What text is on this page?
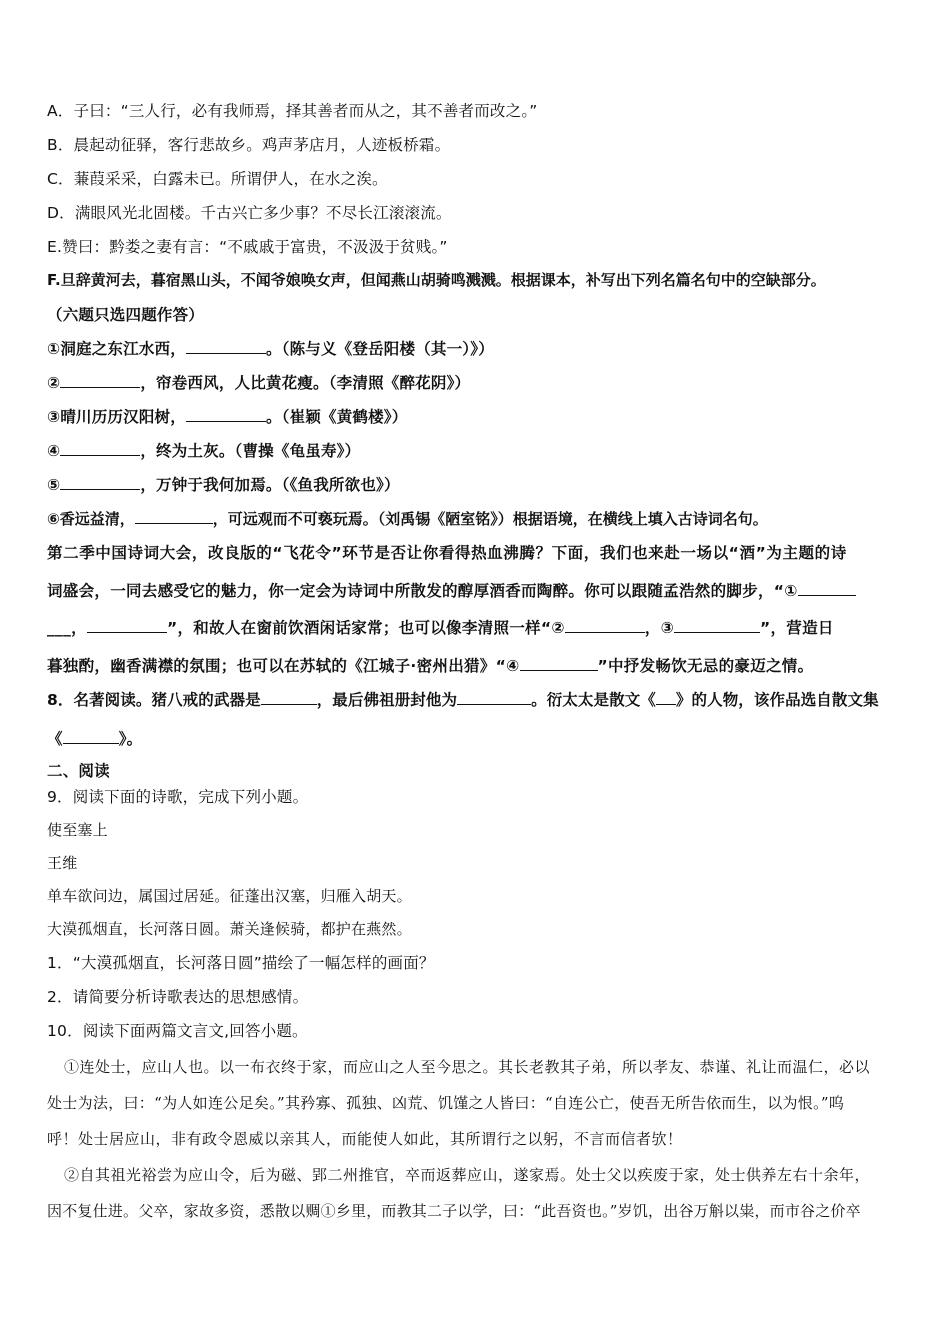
A．子曰：“三人行，必有我师焉，择其善者而从之，其不善者而改之。”
B．晨起动征驿，客行悲故乡。鸡声茅店月，人迹板桥霜。
C．蒹葭采采，白露未已。所谓伊人，在水之涘。
D．满眼风光北固楼。千古兴亡多少事？不尽长江滚滚流。
E.赞曰：黔娄之妻有言：“不戚戚于富贵，不汲汲于贫贱。”
F.旦辞黄河去，暮宿黑山头，不闻爷娘唤女声，但闻燕山胡骑鸣溅溅。根据课本，补写出下列名篇名句中的空缺部分。
（六题只选四题作答）
①洞庭之东江水西，	。（陈与义《登岳阳楼（其一）》）
②	，帘卷西风，人比黄花瘦。（李清照《醉花阴》）
③晴川历历汉阳树，	。（崔颖《黄鹤楼》）
④	，终为土灰。（曹操《龟虽寿》）
⑤	，万钟于我何加焉。（《鱼我所欲也》）
⑥香远益清，	，可远观而不可亵玩焉。（刘禹锡《陋室铭》）根据语境，在横线上填入古诗词名句。
第二季中国诗词大会，改良版的“飞花令”环节是否让你看得热血沸腾？下面，我们也来赴一场以“酒”为主题的诗
词盛会，一同去感受它的魅力，你一定会为诗词中所散发的醇厚酒香而陶醉。你可以跟随孟浩然的脚步，“①
___，	”，和故人在窗前饮酒闲话家常；也可以像李清照一样“②	，③	”，营造日
暮独酌，幽香满襟的氛围；也可以在苏轼的《江城子·密州出猎》“④	”中抒发畅饮无忌的豪迈之情。
8．名著阅读。猪八戒的武器是	，最后佛祖册封他为	。衍太太是散文《 》的人物，该作品选自散文集
《	》。
二、阅读
9．阅读下面的诗歌，完成下列小题。
使至塞上
王维
单车欲问边，属国过居延。征蓬出汉塞，归雁入胡天。
大漠孤烟直，长河落日圆。萧关逢候骑，都护在燕然。
1．“大漠孤烟直，长河落日圆”描绘了一幅怎样的画面？
2．请简要分析诗歌表达的思想感情。
10．阅读下面两篇文言文,回答小题。
①连处士，应山人也。以一布衣终于家，而应山之人至今思之。其长老教其子弟，所以孝友、恭谨、礼让而温仁，必以
处士为法，曰：“为人如连公足矣。”其矜寡、孤独、凶荒、饥馑之人皆曰：“自连公亡，使吾无所告依而生，以为恨。”呜
呼！处士居应山，非有政令恩威以亲其人，而能使人如此，其所谓行之以躬，不言而信者欤！
②自其祖光裕尝为应山令，后为磁、郢二州推官，卒而返葬应山，遂家焉。处士父以疾废于家，处士供养左右十余年，
因不复仕进。父卒，家故多资，悉散以赒①乡里，而教其二子以学，曰：“此吾资也。”岁饥，出谷万斛以粜，而市谷之价卒
